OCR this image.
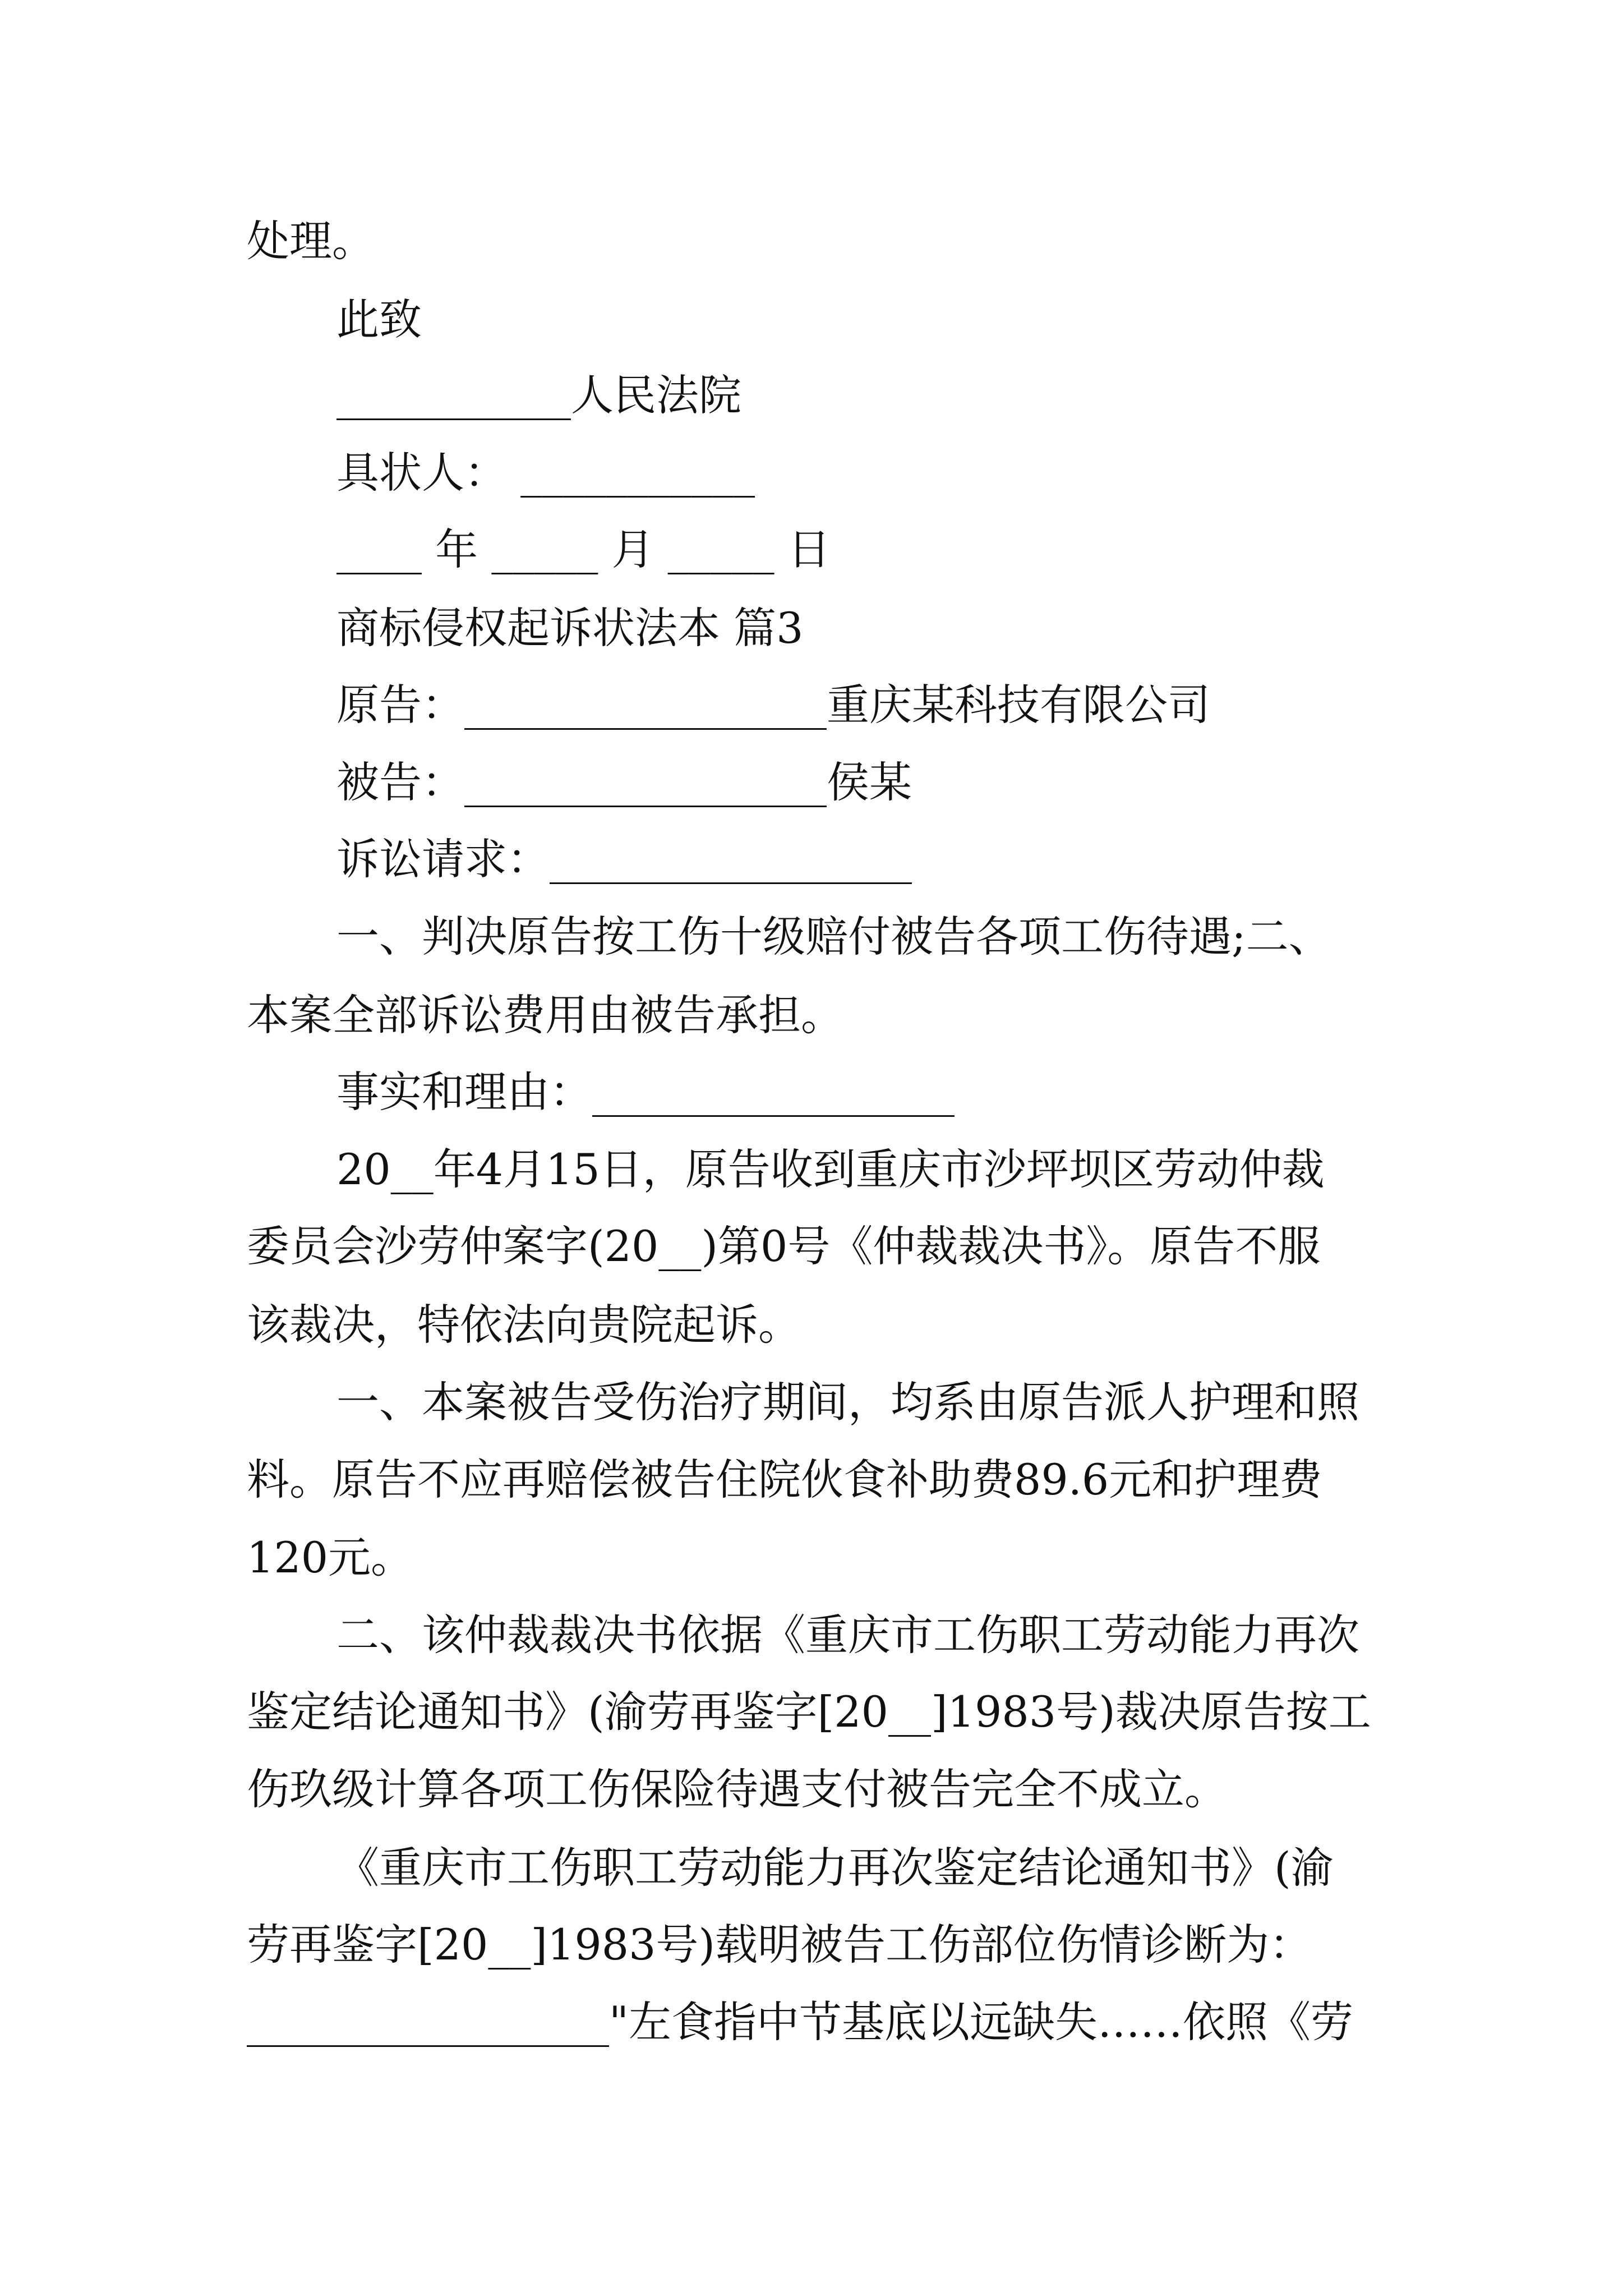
处理。
此致
___________人民法院
具状人： ___________
____ 年 _____ 月 _____ 日
商标侵权起诉状法本 篇3
原告：_________________重庆某科技有限公司
被告：_________________侯某
诉讼请求：_________________
一、判决原告按工伤十级赔付被告各项工伤待遇;二、
本案全部诉讼费用由被告承担。
事实和理由：_________________
20__年4月15日，原告收到重庆市沙坪坝区劳动仲裁
委员会沙劳仲案字(20__)第0号《仲裁裁决书》。原告不服
该裁决，特依法向贵院起诉。
一、本案被告受伤治疗期间，均系由原告派人护理和照
料。原告不应再赔偿被告住院伙食补助费89.6元和护理费
120元。
二、该仲裁裁决书依据《重庆市工伤职工劳动能力再次
鉴定结论通知书》(渝劳再鉴字[20__]1983号)裁决原告按工
伤玖级计算各项工伤保险待遇支付被告完全不成立。
《重庆市工伤职工劳动能力再次鉴定结论通知书》(渝
劳再鉴字[20__]1983号)载明被告工伤部位伤情诊断为：
_________________"左食指中节基底以远缺失……依照《劳
